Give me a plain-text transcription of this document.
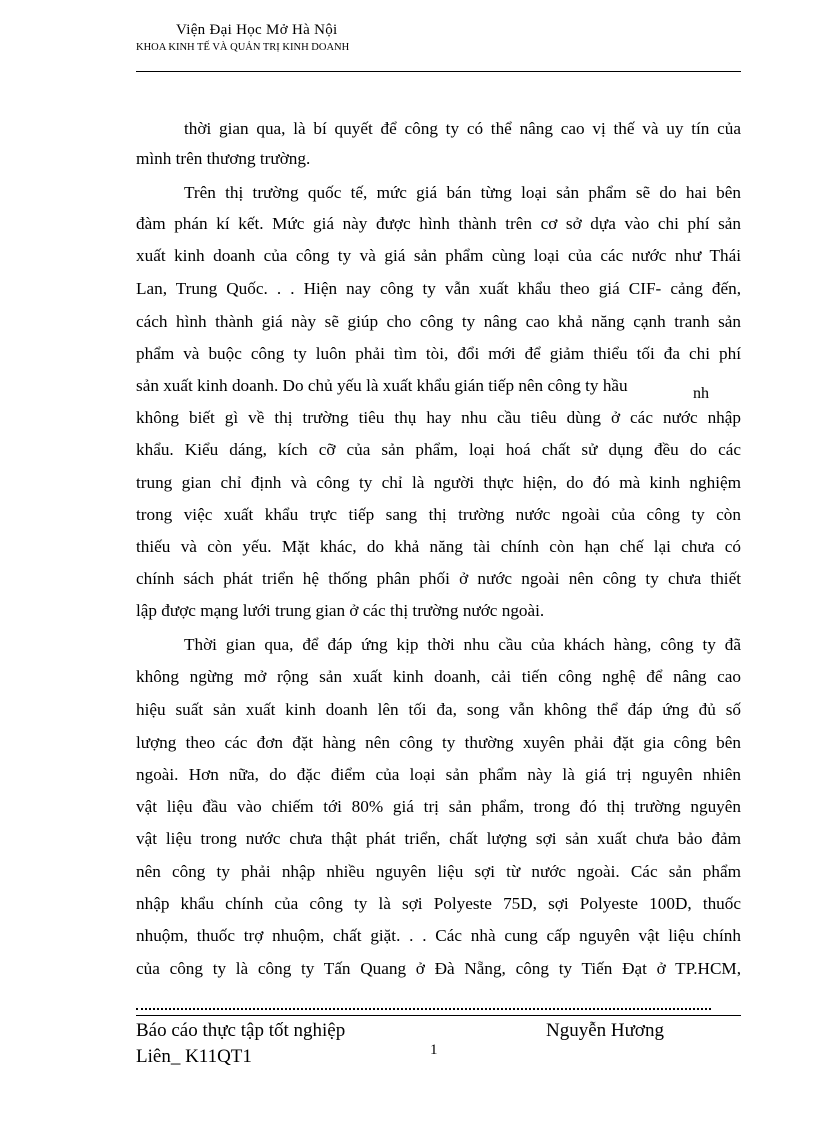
Viện Đại Học Mở Hà Nội
KHOA KINH TẾ VÀ QUẢN TRỊ KINH DOANH
thời gian qua, là bí quyết để công ty có thể nâng cao vị thế và uy tín của
mình trên thương trường.
Trên thị trường quốc tế, mức giá bán từng loại sản phẩm sẽ do hai bên
đàm phán kí kết. Mức giá này được hình thành trên cơ sở dựa vào chi phí sản
xuất kinh doanh của công ty và giá sản phẩm cùng loại của các nước như Thái
Lan, Trung Quốc. . . Hiện nay công ty vẫn xuất khẩu theo giá CIF- cảng đến,
cách hình thành giá này sẽ giúp cho công ty nâng cao khả năng cạnh tranh sản
phẩm và buộc công ty luôn phải tìm tòi, đổi mới để giảm thiểu tối đa chi phí
sản xuất kinh doanh. Do chủ yếu là xuất khẩu gián tiếp nên công ty hầu	nh
không biết gì về thị trường tiêu thụ hay nhu cầu tiêu dùng ở các nước nhập
khẩu. Kiểu dáng, kích cỡ của sản phẩm, loại hoá chất sử dụng đều do các
trung gian chỉ định và công ty chỉ là người thực hiện, do đó mà kinh nghiệm
trong việc xuất khẩu trực tiếp sang thị trường nước ngoài của công ty còn
thiếu và còn yếu. Mặt khác, do khả năng tài chính còn hạn chế lại chưa có
chính sách phát triển hệ thống phân phối ở nước ngoài nên công ty chưa thiết
lập được mạng lưới trung gian ở các thị trường nước ngoài.
Thời gian qua, để đáp ứng kịp thời nhu cầu của khách hàng, công ty đã
không ngừng mở rộng sản xuất kinh doanh, cải tiến công nghệ để nâng cao
hiệu suất sản xuất kinh doanh lên tối đa, song vẫn không thể đáp ứng đủ số
lượng theo các đơn đặt hàng nên công ty thường xuyên phải đặt gia công bên
ngoài. Hơn nữa, do đặc điểm của loại sản phẩm này là giá trị nguyên nhiên
vật liệu đầu vào chiếm tới 80% giá trị sản phẩm, trong đó thị trường nguyên
vật liệu trong nước chưa thật phát triển, chất lượng sợi sản xuất chưa bảo đảm
nên công ty phải nhập nhiều nguyên liệu sợi từ nước ngoài. Các sản phẩm
nhập khẩu chính của công ty là sợi Polyeste 75D, sợi Polyeste 100D, thuốc
nhuộm, thuốc trợ nhuộm, chất giặt. . . Các nhà cung cấp nguyên vật liệu chính
của công ty là công ty Tấn Quang ở Đà Nẵng, công ty Tiến Đạt ở TP.HCM,
Báo cáo thực tập tốt nghiệp	Nguyễn Hương
Liên_ K11QT1	1
